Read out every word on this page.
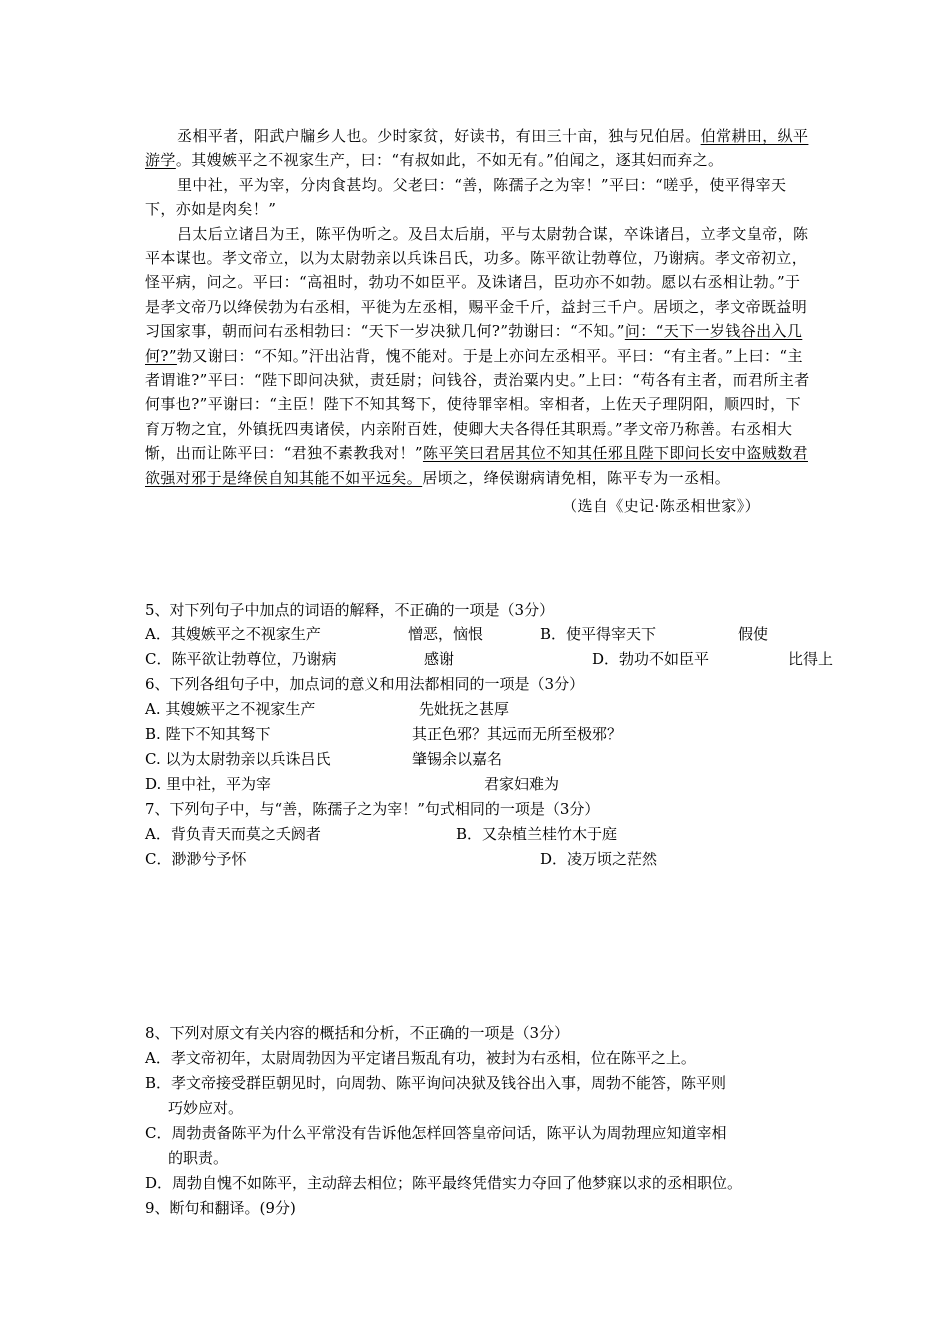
丞相平者，阳武户牖乡人也。少时家贫，好读书，有田三十亩，独与兄伯居。伯常耕田，纵平游学。其嫂嫉平之不视家生产，曰：“有叔如此，不如无有。”伯闻之，逐其妇而弃之。

里中社，平为宰，分肉食甚均。父老曰：“善，陈孺子之为宰！”平曰：“嗟乎，使平得宰天下，亦如是肉矣！”

吕太后立诸吕为王，陈平伪听之。及吕太后崩，平与太尉勃合谋，卒诛诸吕，立孝文皇帝，陈平本谋也。孝文帝立，以为太尉勃亲以兵诛吕氏，功多。陈平欲让勃尊位，乃谢病。孝文帝初立，怪平病，问之。平曰：“高祖时，勃功不如臣平。及诛诸吕，臣功亦不如勃。愿以右丞相让勃。”于是孝文帝乃以绛侯勃为右丞相，平徙为左丞相，赐平金千斤，益封三千户。居顷之，孝文帝既益明习国家事，朝而问右丞相勃曰：“天下一岁决狱几何?”勃谢曰：“不知。”问：“天下一岁钱谷出入几何?”勃又谢曰：“不知。”汗出沾背，愧不能对。于是上亦问左丞相平。平曰：“有主者。”上曰：“主者谓谁?”平曰：“陛下即问决狱，责廷尉；问钱谷，责治粟内史。”上曰：“苟各有主者，而君所主者何事也?”平谢曰：“主臣！陛下不知其驽下，使待罪宰相。宰相者，上佐天子理阴阳，顺四时，下育万物之宜，外镇抚四夷诸侯，内亲附百姓，使卿大夫各得任其职焉。”孝文帝乃称善。右丞相大惭，出而让陈平曰：“君独不素教我对！”陈平笑曰君居其位不知其任邪且陛下即问长安中盗贼数君欲强对邪于是绛侯自知其能不如平远矣。居顷之，绛侯谢病请免相，陈平专为一丞相。

（选自《史记·陈丞相世家》）

5、对下列句子中加点的词语的解释，不正确的一项是（3分）
A．其嫂嫉平之不视家生产	憎恶，恼恨	B．使平得宰天下	假使
C．陈平欲让勃尊位，乃谢病	感谢	D．勃功不如臣平	比得上
6、下列各组句子中，加点词的意义和用法都相同的一项是（3分）
A. 其嫂嫉平之不视家生产	先妣抚之甚厚
B. 陛下不知其驽下	其正色邪？其远而无所至极邪？
C. 以为太尉勃亲以兵诛吕氏	肇锡余以嘉名
D. 里中社，平为宰	君家妇难为
7、下列句子中，与“善，陈孺子之为宰！”句式相同的一项是（3分）
A．背负青天而莫之夭阏者	B．又杂植兰桂竹木于庭
C．渺渺兮予怀	D．凌万顷之茫然
8、下列对原文有关内容的概括和分析，不正确的一项是（3分）
A．孝文帝初年，太尉周勃因为平定诸吕叛乱有功，被封为右丞相，位在陈平之上。
B．孝文帝接受群臣朝见时，向周勃、陈平询问决狱及钱谷出入事，周勃不能答，陈平则
巧妙应对。
C．周勃责备陈平为什么平常没有告诉他怎样回答皇帝问话，陈平认为周勃理应知道宰相
的职责。
D．周勃自愧不如陈平，主动辞去相位；陈平最终凭借实力夺回了他梦寐以求的丞相职位。
9、断句和翻译。(9分)
